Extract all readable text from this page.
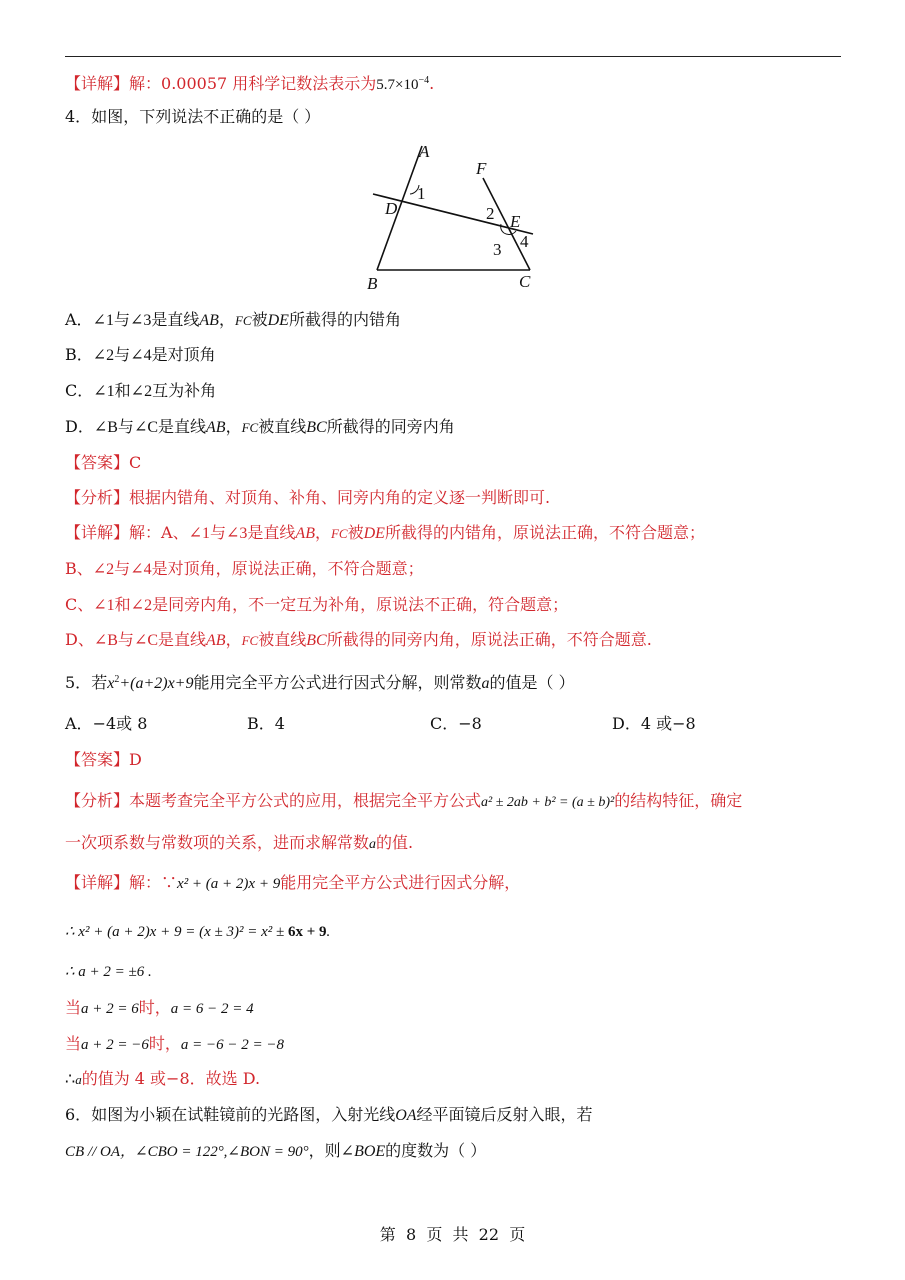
【详解】解：0.00057 用科学记数法表示为$5.7\times 10^{-4}$.
4．如图，下列说法不正确的是（ ）
A
F
1
D	2 E
3 4
B	C
A．∠1与∠3是直线AB，FC被DE所截得的内错角
B．∠2与∠4是对顶角
C．∠1和∠2互为补角
D．∠B与∠C是直线AB，FC被直线BC所截得的同旁内角
【答案】C
【分析】根据内错角、对顶角、补角、同旁内角的定义逐一判断即可.
【详解】解：A、∠1与∠3是直线AB，FC被DE所截得的内错角，原说法正确，不符合题意；
B、∠2与∠4是对顶角，原说法正确，不符合题意；
C、∠1和∠2是同旁内角，不一定互为补角，原说法不正确，符合题意；
D、∠B与∠C是直线AB，FC被直线BC所截得的同旁内角，原说法正确，不符合题意.
5．若$x^2+(a+2)x+9$能用完全平方公式进行因式分解，则常数a的值是（ ）
A．−4或 8	B．4	C．−8	D．4 或−8
【答案】D
【分析】本题考查完全平方公式的应用，根据完全平方公式a² ± 2ab + b² = (a ± b)²的结构特征，确定
一次项系数与常数项的关系，进而求解常数a的值.
【详解】解：∵x² + (a + 2)x + 9能用完全平方公式进行因式分解，
∴ x² + (a + 2)x + 9 = (x ± 3)² = x² ± 6x + 9.
∴ a + 2 = ±6 .
当a + 2 = 6时，a = 6 − 2 = 4
当a + 2 = −6时，a = −6 − 2 = −8
∴a的值为 4 或−8．故选 D.
6．如图为小颖在试鞋镜前的光路图，入射光线OA经平面镜后反射入眼，若
CB // OA，∠CBO = 122°,∠BON = 90°，则∠BOE的度数为（ ）
第  8  页  共  22  页
